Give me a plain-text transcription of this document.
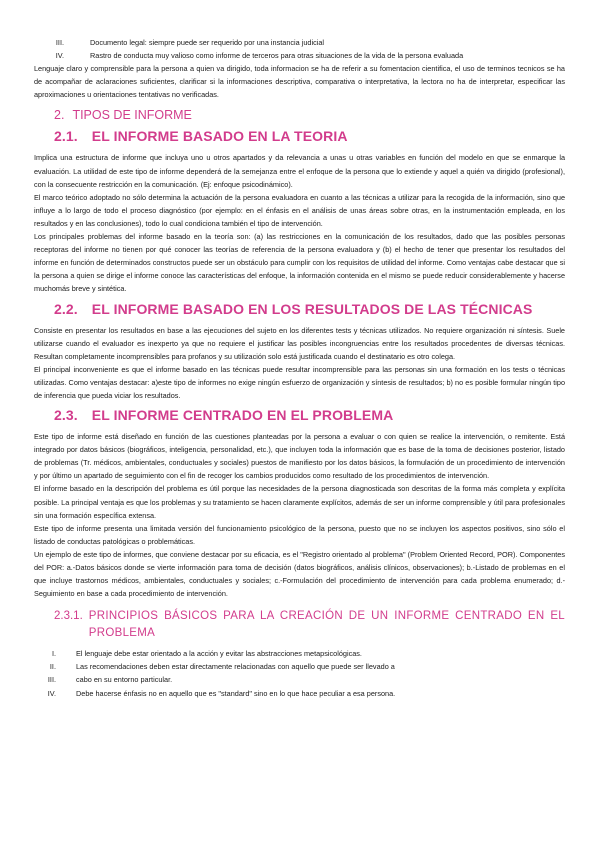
III.	Documento legal: siempre puede ser requerido por una instancia judicial
IV.	Rastro de conducta muy valioso como informe de terceros para otras situaciones de la vida de la persona evaluada

Lenguaje claro y comprensible para la persona a quien va dirigido, toda informacion se ha de referir a su fomentacion cientifica, el uso de terminos tecnicos se ha de acompañar de aclaraciones suficientes, clarificar si la informaciones descriptiva, comparativa o interpretativa, la lectora no ha de interpretar, especificar las aproximaciones u orientaciones tentativas no verificadas.

2. TIPOS DE INFORME
2.1. EL INFORME BASADO EN LA TEORIA

Implica una estructura de informe que incluya uno u otros apartados y da relevancia a unas u otras variables en función del modelo en que se enmarque la evaluación. La utilidad de este tipo de informe dependerá de la semejanza entre el enfoque de la persona que lo extiende y aquel a quién va dirigido (profesional), con la consecuente restricción en la comunicación. (Ej: enfoque psicodinámico).

El marco teórico adoptado no sólo determina la actuación de la persona evaluadora en cuanto a las técnicas a utilizar para la recogida de la información, sino que influye a lo largo de todo el proceso diagnóstico (por ejemplo: en el énfasis en el análisis de unas áreas sobre otras, en la instrumentación empleada, en los resultados y en las conclusiones), todo lo cual condiciona también el tipo de intervención.

Los principales problemas del informe basado en la teoría son: (a) las restricciones en la comunicación de los resultados, dado que las posibles personas receptoras del informe no tienen por qué conocer las teorías de referencia de la persona evaluadora y (b) el hecho de tener que presentar los resultados del informe en función de determinados constructos puede ser un obstáculo para cumplir con los requisitos de utilidad del informe. Como ventajas cabe destacar que si la persona a quien se dirige el informe conoce las características del enfoque, la información contenida en el mismo se puede reducir considerablemente y hacerse muchomás breve y sintética.

2.2. EL INFORME BASADO EN LOS RESULTADOS DE LAS TÉCNICAS

Consiste en presentar los resultados en base a las ejecuciones del sujeto en los diferentes tests y técnicas utilizados. No requiere organización ni síntesis. Suele utilizarse cuando el evaluador es inexperto ya que no requiere el justificar las posibles incongruencias entre los resultados procedentes de diversas técnicas. Resultan completamente incomprensibles para profanos y su utilización solo está justificada cuando el destinatario es otro colega.

El principal inconveniente es que el informe basado en las técnicas puede resultar incomprensible para las personas sin una formación en los tests o técnicas utilizadas. Como ventajas destacar: a)este tipo de informes no exige ningún esfuerzo de organización y síntesis de resultados; b) no es posible formular ningún tipo de inferencia que pueda viciar los resultados.

2.3. EL INFORME CENTRADO EN EL PROBLEMA

Este tipo de informe está diseñado en función de las cuestiones planteadas por la persona a evaluar o con quien se realice la intervención, o remitente. Está integrado por datos básicos (biográficos, inteligencia, personalidad, etc.), que incluyen toda la información que es base de la toma de decisiones posterior, listado de problemas (Tr. médicos, ambientales, conductuales y sociales) puestos de manifiesto por los datos básicos, la formulación de un procedimiento de intervención y por último un apartado de seguimiento con el fin de recoger los cambios producidos como resultado de los procedimientos de intervención.

El informe basado en la descripción del problema es útil porque las necesidades de la persona diagnosticada son descritas de la forma más completa y explícita posible. La principal ventaja es que los problemas y su tratamiento se hacen claramente explícitos, además de ser un informe comprensible y útil para profesionales sin una formación específica extensa.

Este tipo de informe presenta una limitada versión del funcionamiento psicológico de la persona, puesto que no se incluyen los aspectos positivos, sino sólo el listado de conductas patológicas o problemáticas.

Un ejemplo de este tipo de informes, que conviene destacar por su eficacia, es el "Registro orientado al problema" (Problem Oriented Record, POR). Componentes del POR: a.-Datos básicos donde se vierte información para toma de decisión (datos biográficos, análisis clínicos, observaciones); b.-Listado de problemas en el que incluye trastornos médicos, ambientales, conductuales y sociales; c.-Formulación del procedimiento de intervención para cada problema enumerado; d.-Seguimiento en base a cada procedimiento de intervención.

2.3.1. PRINCIPIOS BÁSICOS PARA LA CREACIÓN DE UN INFORME CENTRADO EN EL PROBLEMA
I.	El lenguaje debe estar orientado a la acción y evitar las abstracciones metapsicológicas.
II.	Las recomendaciones deben estar directamente relacionadas con aquello que puede ser llevado a
III.	cabo en su entorno particular.
IV.	Debe hacerse énfasis no en aquello que es "standard" sino en lo que hace peculiar a esa persona.
